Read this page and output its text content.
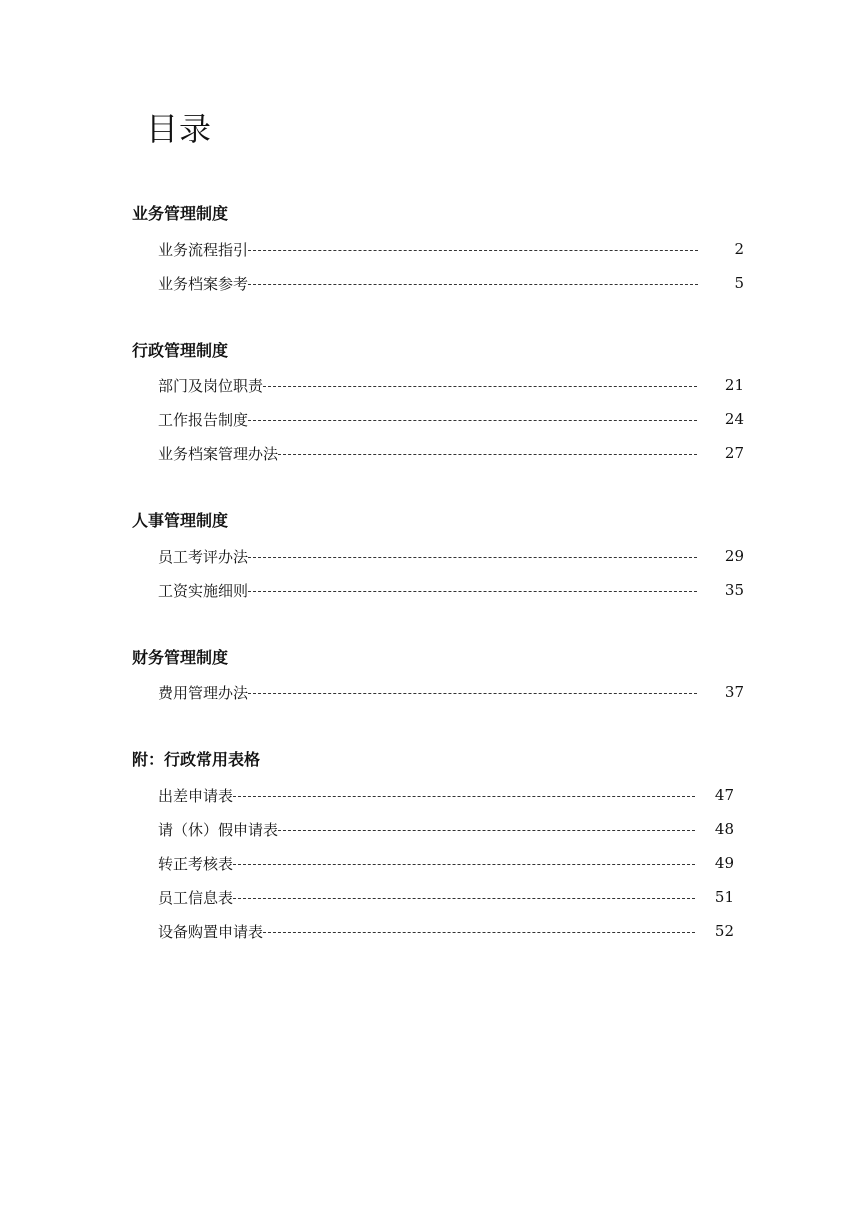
目录
业务管理制度
业务流程指引	2
业务档案参考	5
行政管理制度
部门及岗位职责	21
工作报告制度	24
业务档案管理办法	27
人事管理制度
员工考评办法	29
工资实施细则	35
财务管理制度
费用管理办法	37
附：行政常用表格
出差申请表	47
请（休）假申请表	48
转正考核表	49
员工信息表	51
设备购置申请表	52
